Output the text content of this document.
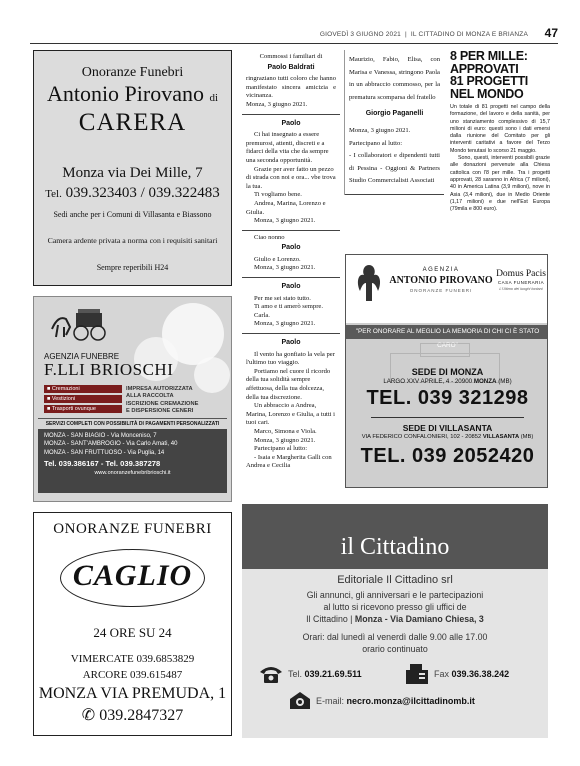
GIOVEDÌ 3 GIUGNO 2021  |  IL CITTADINO DI MONZA E BRIANZA 47
Onoranze Funebri
Antonio Pirovano di
CARERA
Monza via Dei Mille, 7
Tel. 039.323403 / 039.322483
Sedi anche per i Comuni di Villasanta e Biassono
Camera ardente privata a norma con i requisiti sanitari
Sempre reperibili H24
AGENZIA FUNEBRE
F.LLI BRIOSCHI
■ Cremazioni
■ Vestizioni
■ Trasporti ovunque
IMPRESA AUTORIZZATA
ALLA RACCOLTA
ISCRIZIONE CREMAZIONE
E DISPERSIONE CENERI
SERVIZI COMPLETI CON POSSIBILITÀ DI PAGAMENTI PERSONALIZZATI
MONZA - SAN BIAGIO - Via Monceniso, 7
MONZA - SANT'AMBROGIO - Via Carlo Amati, 40
MONZA - SAN FRUTTUOSO - Via Puglia, 14
Tel. 039.386167 - Tel. 039.387278
www.onoranzefunebribrioschi.it
ONORANZE FUNEBRI
CAGLIO
24 ORE SU 24
VIMERCATE 039.6853829
ARCORE 039.615487
MONZA VIA PREMUDA, 1
✆ 039.2847327

Commossi i familiari di

Paolo Baldrati

ringraziano tutti coloro che hanno manifestato sincera amicizia e vicinanza.

Monza, 3 giugno 2021.

Paolo

Ci hai insegnato a essere premurosi, attenti, discreti e a fidarci della vita che da sempre una seconda opportunità.

Grazie per aver fatto un pezzo di strada con noi e ora... vbe trova la tua.

Ti vogliamo bene.

Andrea, Marina, Lorenzo e Giulia.

Monza, 3 giugno 2021.

Ciao nonno

Paolo

Giulio e Lorenzo.

Monza, 3 giugno 2021.

Paolo

Per me sei stato tutto.

Ti amo e ti amerò sempre.

Carla.

Monza, 3 giugno 2021.

Paolo

Il vento ha gonfiato la vela per l'ultimo tuo viaggio.

Portiamo nel cuore il ricordo della tua solidità sempre affettuosa, della tua dolcezza, della tua discrezione.

Un abbraccio a Andrea, Marina, Lorenzo e Giulia, a tutti i tuoi cari.

Marco, Simona e Viola.

Monza, 3 giugno 2021.

Partecipano al lutto:

- Isaia e Margherita Galli con Andrea e Cecilia

Maurizio, Fabio, Elisa, con Marisa e Vanessa, stringono Paola in un abbraccio commosso, per la prematura scomparsa del fratello

Giorgio Paganelli

Monza, 3 giugno 2021.

Partecipano al lutto:

- I collaboratori e dipendenti tutti di Pessina - Oggioni & Partners Studio Commercialisti Associati

8 PER MILLE:
APPROVATI
81 PROGETTI
NEL MONDO

Un totale di 81 progetti nel campo della formazione, del lavoro e della sanità, per uno stanziamento complessivo di 15,7 milioni di euro: questi sono i dati emersi dalla riunione del Comitato per gli interventi caritativi a favore del Terzo Mondo tenutasi lo scorso 21 maggio.

Sono, questi, interventi possibili grazie alle donazioni pervenute alla Chiesa cattolica con l'8 per mille. Tra i progetti approvati, 28 saranno in Africa (7 milioni), 40 in America Latina (3,9 milioni), nove in Asia (3,4 milioni), due in Medio Oriente (1,17 milioni) e due nell'Est Europa (79mila e 800 euro).

AGENZIA
ANTONIO PIROVANO
ONORANZE FUNEBRI
Domus Pacis
CASA FUNERARIA
L'Ultimo dei luoghi lontani
"PER ONORARE AL MEGLIO LA MEMORIA DI CHI CI È STATO CARO"
SEDE DI MONZA
LARGO XXV APRILE, 4 - 20900 MONZA (MB)
TEL. 039 321298
SEDE DI VILLASANTA
VIA FEDERICO CONFALONIERI, 102 - 20852 VILLASANTA (MB)
TEL. 039 2052420
il Cittadino
Editoriale Il Cittadino srl
Gli annunci, gli anniversari e le partecipazioni
al lutto si ricevono presso gli uffici de
Il Cittadino | Monza - Via Damiano Chiesa, 3
Orari: dal lunedì al venerdì dalle 9.00 alle 17.00
orario continuato
Tel. 039.21.69.511	Fax 039.36.38.242
E-mail: necro.monza@ilcittadinomb.it
